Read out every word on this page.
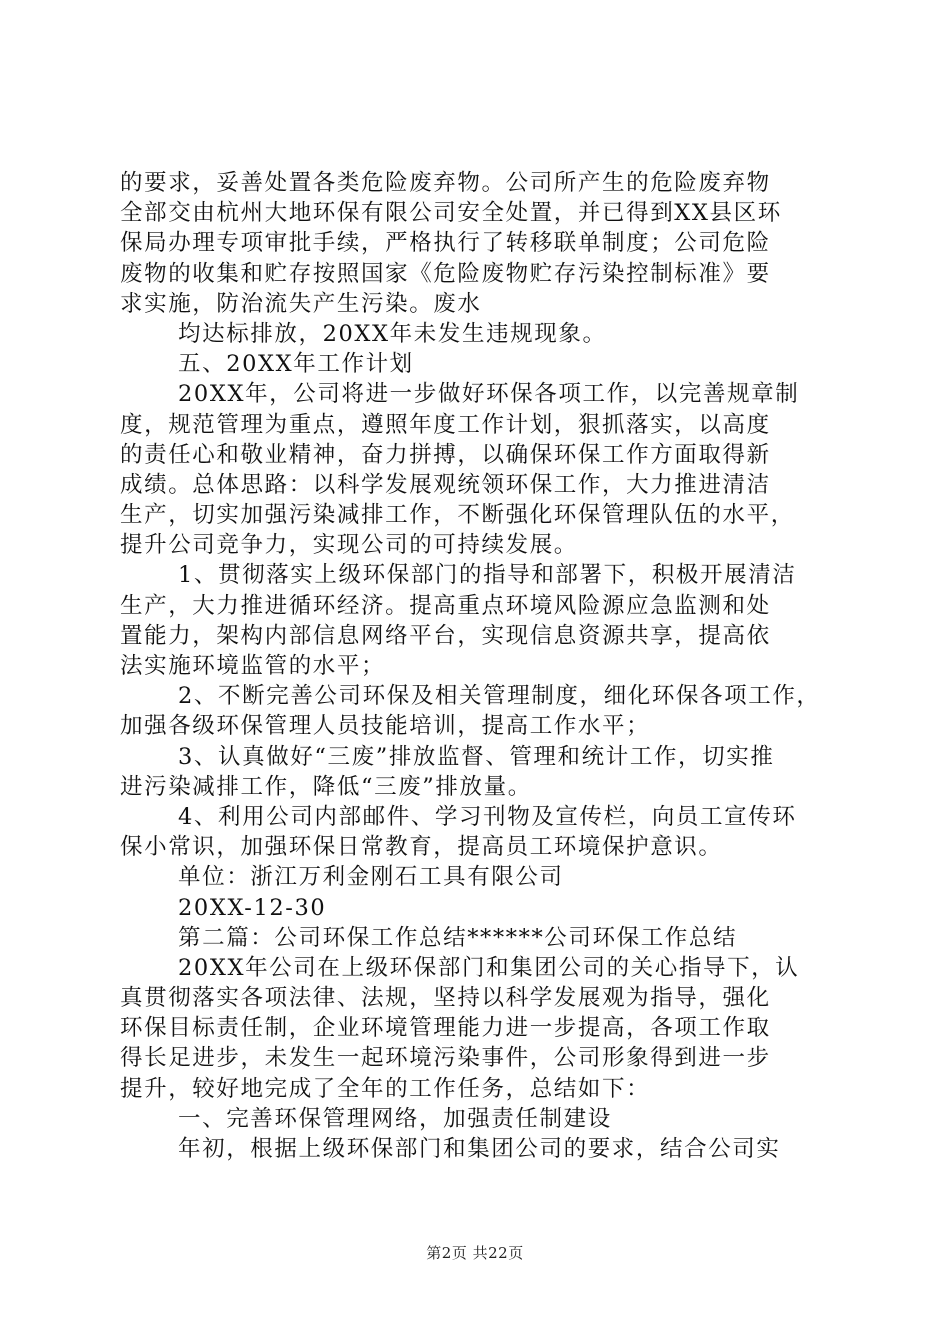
的要求，妥善处置各类危险废弃物。公司所产生的危险废弃物
全部交由杭州大地环保有限公司安全处置，并已得到XX县区环
保局办理专项审批手续，严格执行了转移联单制度；公司危险
废物的收集和贮存按照国家《危险废物贮存污染控制标准》要
求实施，防治流失产生污染。废水
均达标排放，20XX年未发生违规现象。
五、20XX年工作计划
20XX年，公司将进一步做好环保各项工作，以完善规章制
度，规范管理为重点，遵照年度工作计划，狠抓落实，以高度
的责任心和敬业精神，奋力拼搏，以确保环保工作方面取得新
成绩。总体思路：以科学发展观统领环保工作，大力推进清洁
生产，切实加强污染减排工作，不断强化环保管理队伍的水平，
提升公司竞争力，实现公司的可持续发展。
1、贯彻落实上级环保部门的指导和部署下，积极开展清洁
生产，大力推进循环经济。提高重点环境风险源应急监测和处
置能力，架构内部信息网络平台，实现信息资源共享，提高依
法实施环境监管的水平；
2、不断完善公司环保及相关管理制度，细化环保各项工作，
加强各级环保管理人员技能培训，提高工作水平；
3、认真做好“三废”排放监督、管理和统计工作，切实推
进污染减排工作，降低“三废”排放量。
4、利用公司内部邮件、学习刊物及宣传栏，向员工宣传环
保小常识，加强环保日常教育，提高员工环境保护意识。
单位：浙江万利金刚石工具有限公司
20XX-12-30
第二篇：公司环保工作总结******公司环保工作总结
20XX年公司在上级环保部门和集团公司的关心指导下，认
真贯彻落实各项法律、法规，坚持以科学发展观为指导，强化
环保目标责任制，企业环境管理能力进一步提高，各项工作取
得长足进步，未发生一起环境污染事件，公司形象得到进一步
提升，较好地完成了全年的工作任务，总结如下：
一、完善环保管理网络，加强责任制建设
年初，根据上级环保部门和集团公司的要求，结合公司实
第2页 共22页
